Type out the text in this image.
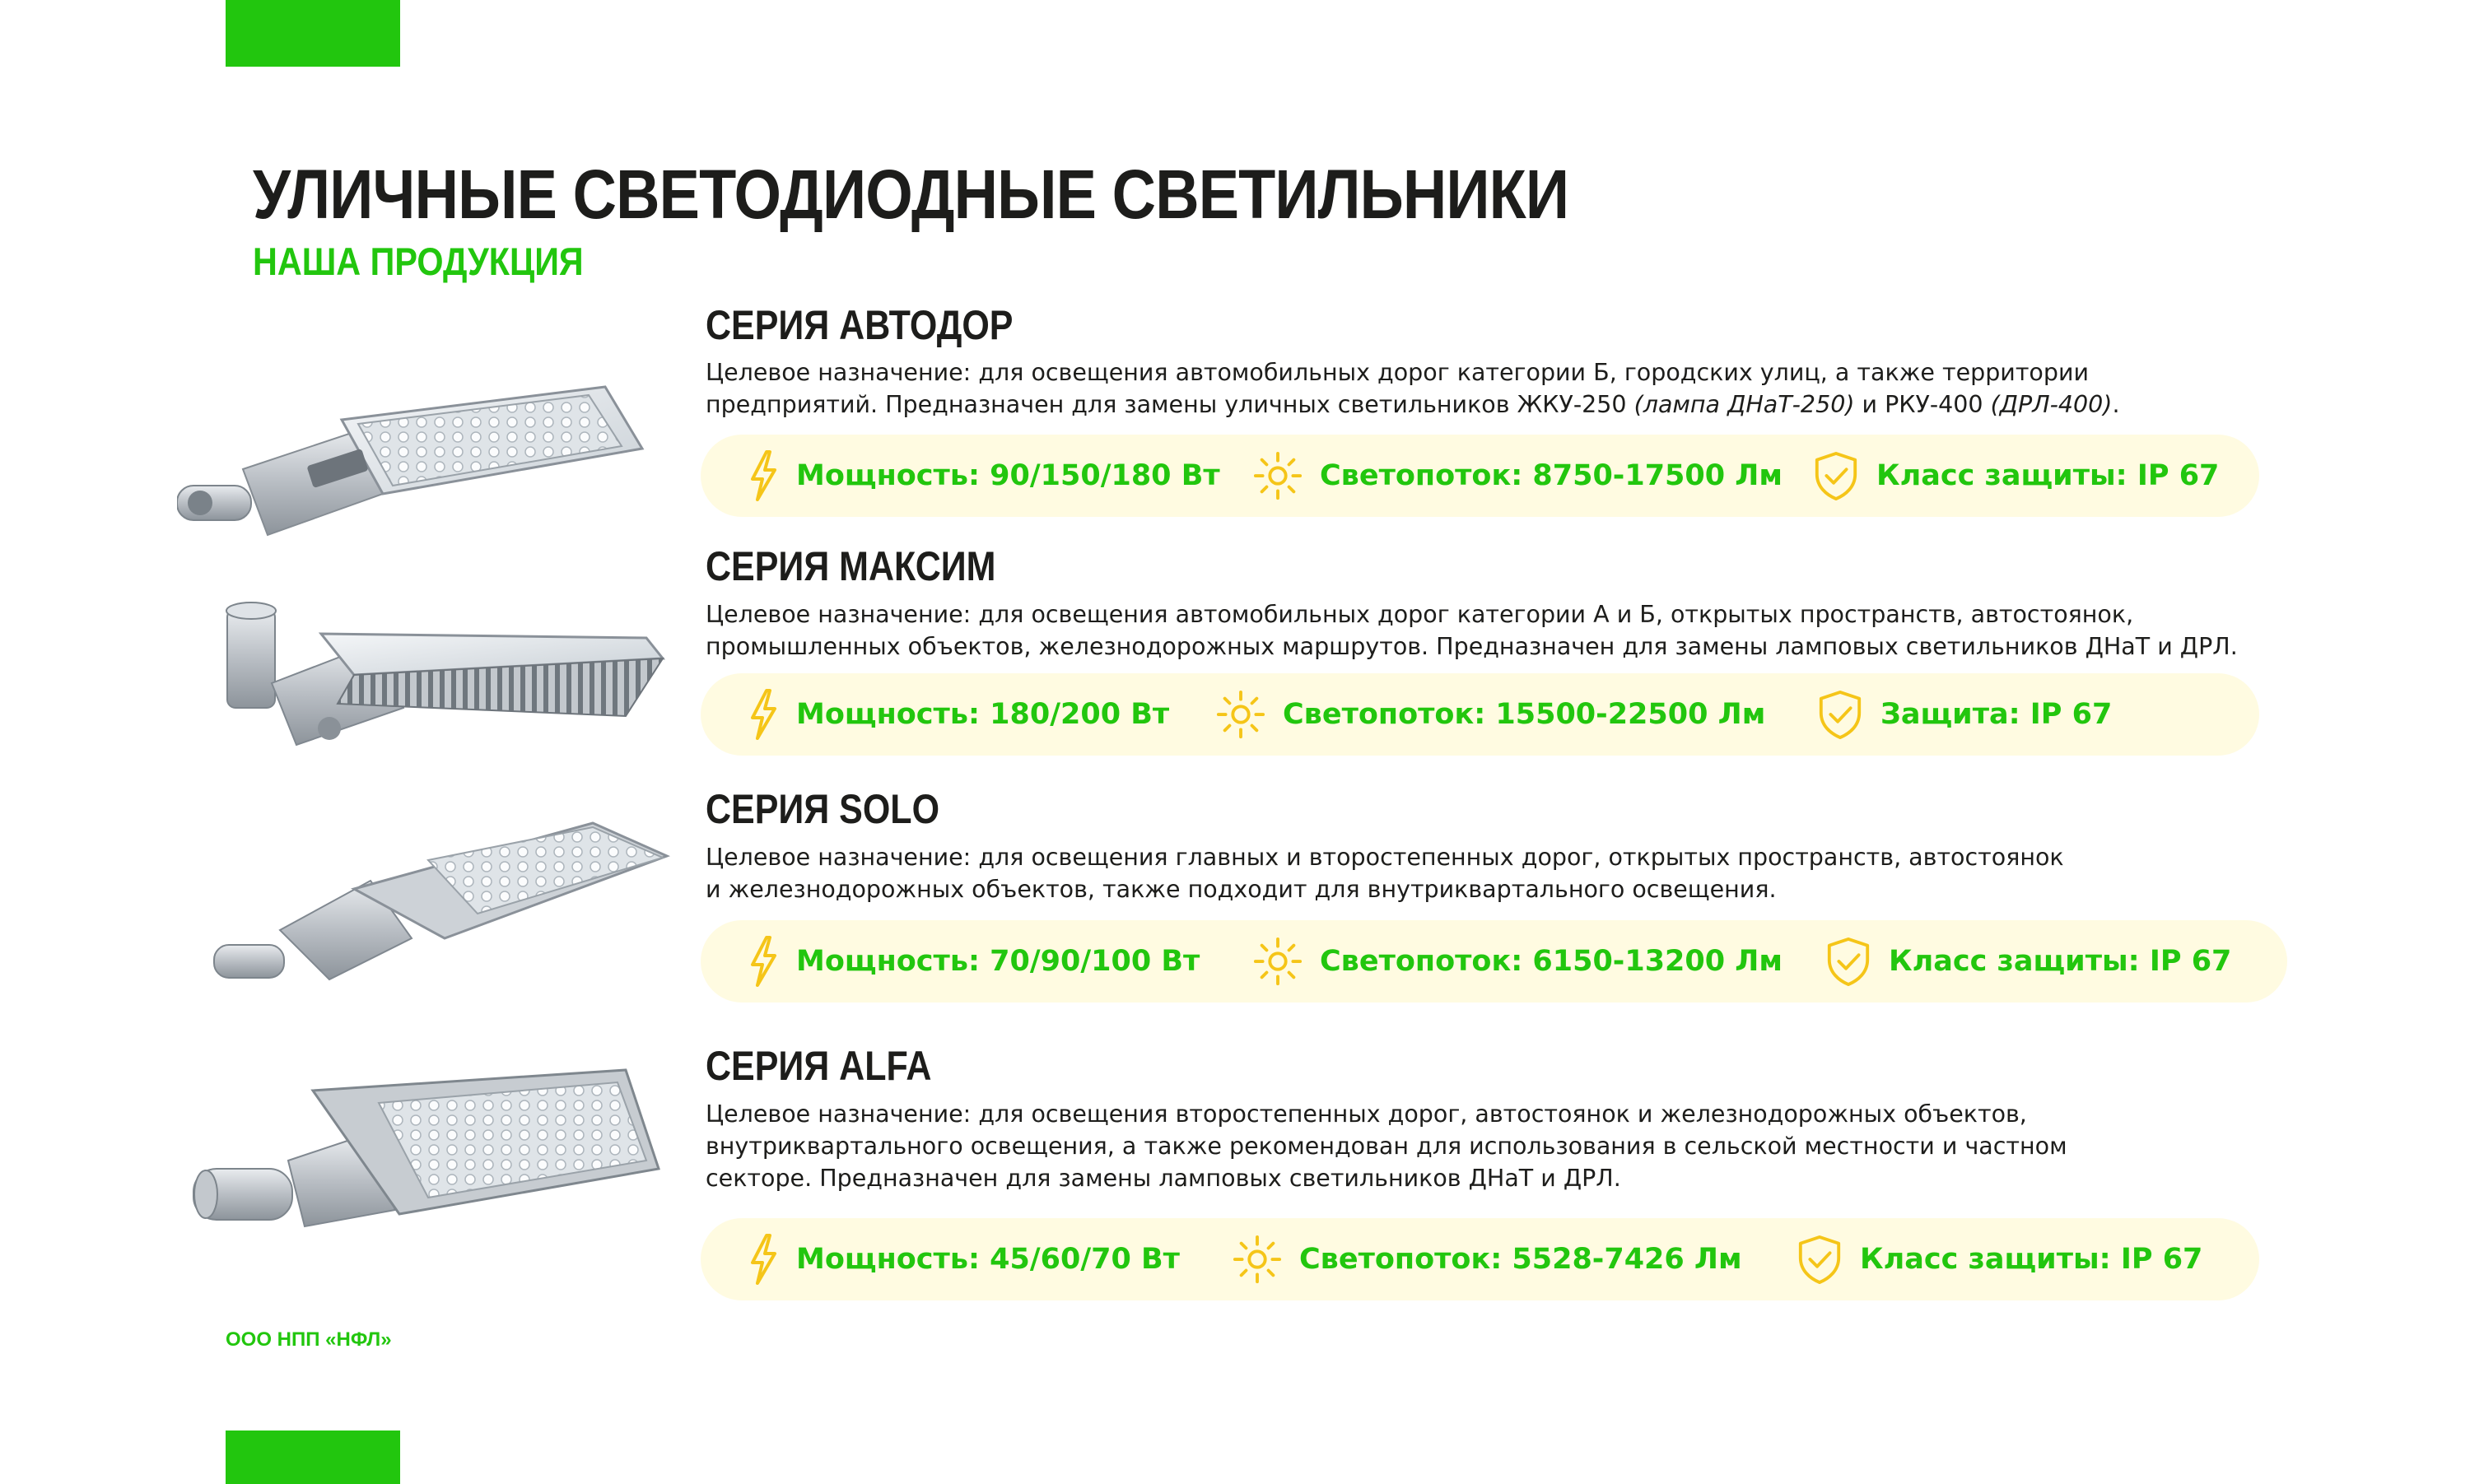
УЛИЧНЫЕ СВЕТОДИОДНЫЕ СВЕТИЛЬНИКИ
НАША ПРОДУКЦИЯ
СЕРИЯ АВТОДОР

Целевое назначение: для освещения автомобильных дорог категории Б, городских улиц, а также территории

предприятий. Предназначен для замены уличных светильников ЖКУ-250 (лампа ДНаТ-250) и РКУ-400 (ДРЛ-400).

Мощность: 90/150/180 Вт	Светопоток: 8750-17500 Лм	Класс защиты: IP 67
СЕРИЯ МАКСИМ

Целевое назначение: для освещения автомобильных дорог категории А и Б, открытых пространств, автостоянок,

промышленных объектов, железнодорожных маршрутов. Предназначен для замены ламповых светильников ДНаТ и ДРЛ.

Мощность: 180/200 Вт	Светопоток: 15500-22500 Лм	Защита: IP 67
СЕРИЯ SOLO

Целевое назначение: для освещения главных и второстепенных дорог, открытых пространств, автостоянок

и железнодорожных объектов, также подходит для внутриквартального освещения.

Мощность: 70/90/100 Вт	Светопоток: 6150-13200 Лм	Класс защиты: IP 67
СЕРИЯ ALFA

Целевое назначение: для освещения второстепенных дорог, автостоянок и железнодорожных объектов,

внутриквартального освещения, а также рекомендован для использования в сельской местности и частном

секторе. Предназначен для замены ламповых светильников ДНаТ и ДРЛ.

Мощность: 45/60/70 Вт	Светопоток: 5528-7426 Лм	Класс защиты: IP 67
ООО НПП «НФЛ»
